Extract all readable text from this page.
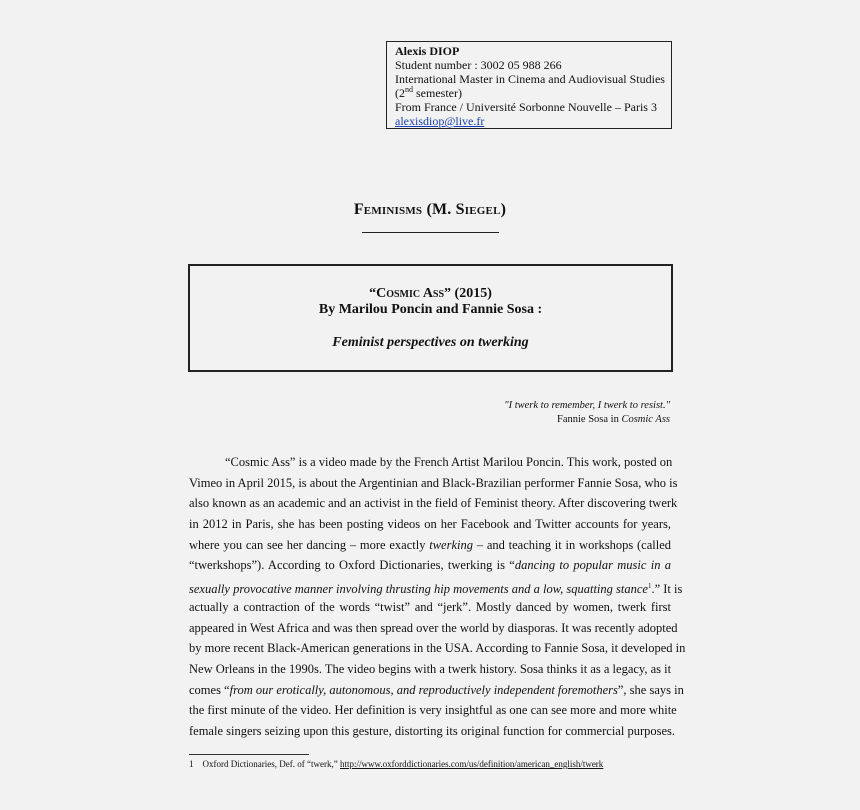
Alexis DIOP
Student number : 3002 05 988 266
International Master in Cinema and Audiovisual Studies
(2nd semester)
From France / Université Sorbonne Nouvelle – Paris 3
alexisdiop@live.fr
Feminisms (M. Siegel)
“Cosmic Ass” (2015)
By Marilou Poncin and Fannie Sosa :
Feminist perspectives on twerking
"I twerk to remember, I twerk to resist."
Fannie Sosa in Cosmic Ass
“Cosmic Ass” is a video made by the French Artist Marilou Poncin. This work, posted on
Vimeo in April 2015, is about the Argentinian and Black-Brazilian performer Fannie Sosa, who is
also known as an academic and an activist in the field of Feminist theory. After discovering twerk
in 2012 in Paris, she has been posting videos on her Facebook and Twitter accounts for years,
where you can see her dancing – more exactly twerking – and teaching it in workshops (called
“twerkshops”). According to Oxford Dictionaries, twerking is “dancing to popular music in a
sexually provocative manner involving thrusting hip movements and a low, squatting stance$^1$.” It is
actually a contraction of the words “twist” and “jerk”. Mostly danced by women, twerk first
appeared in West Africa and was then spread over the world by diasporas. It was recently adopted
by more recent Black-American generations in the USA. According to Fannie Sosa, it developed in
New Orleans in the 1990s. The video begins with a twerk history. Sosa thinks it as a legacy, as it
comes “from our erotically, autonomous, and reproductively independent foremothers”, she says in
the first minute of the video. Her definition is very insightful as one can see more and more white
female singers seizing upon this gesture, distorting its original function for commercial purposes.
1 Oxford Dictionaries, Def. of “twerk,” http://www.oxforddictionaries.com/us/definition/american_english/twerk
